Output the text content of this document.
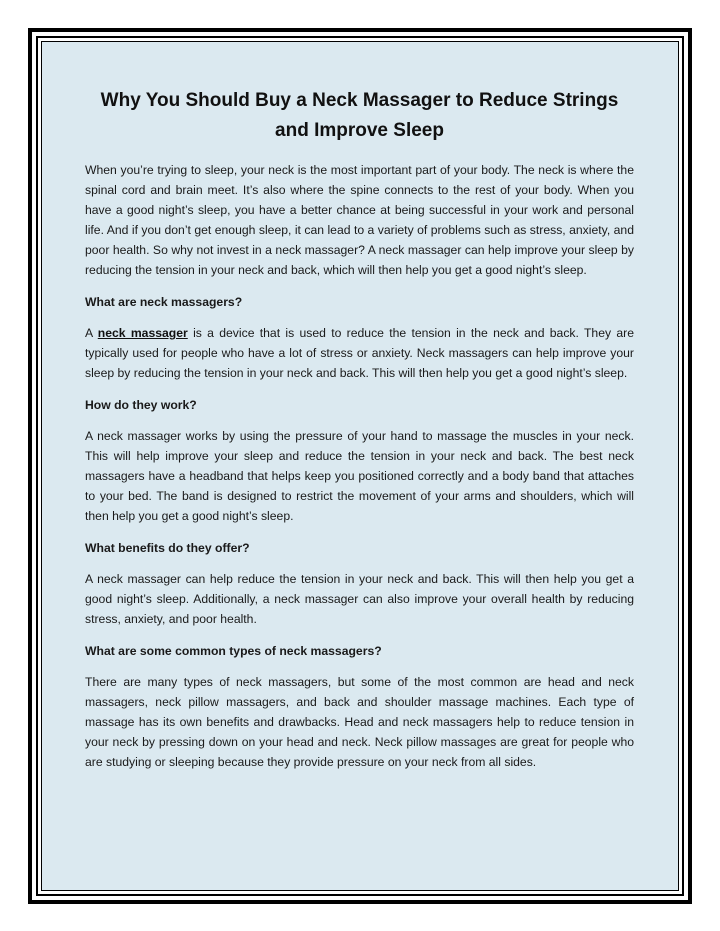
Why You Should Buy a Neck Massager to Reduce Strings and Improve Sleep

When you’re trying to sleep, your neck is the most important part of your body. The neck is where the spinal cord and brain meet. It’s also where the spine connects to the rest of your body. When you have a good night’s sleep, you have a better chance at being successful in your work and personal life. And if you don’t get enough sleep, it can lead to a variety of problems such as stress, anxiety, and poor health. So why not invest in a neck massager? A neck massager can help improve your sleep by reducing the tension in your neck and back, which will then help you get a good night’s sleep.

What are neck massagers?

A neck massager is a device that is used to reduce the tension in the neck and back. They are typically used for people who have a lot of stress or anxiety. Neck massagers can help improve your sleep by reducing the tension in your neck and back. This will then help you get a good night’s sleep.

How do they work?

A neck massager works by using the pressure of your hand to massage the muscles in your neck. This will help improve your sleep and reduce the tension in your neck and back. The best neck massagers have a headband that helps keep you positioned correctly and a body band that attaches to your bed. The band is designed to restrict the movement of your arms and shoulders, which will then help you get a good night’s sleep.

What benefits do they offer?

A neck massager can help reduce the tension in your neck and back. This will then help you get a good night’s sleep. Additionally, a neck massager can also improve your overall health by reducing stress, anxiety, and poor health.

What are some common types of neck massagers?

There are many types of neck massagers, but some of the most common are head and neck massagers, neck pillow massagers, and back and shoulder massage machines. Each type of massage has its own benefits and drawbacks. Head and neck massagers help to reduce tension in your neck by pressing down on your head and neck. Neck pillow massages are great for people who are studying or sleeping because they provide pressure on your neck from all sides.
